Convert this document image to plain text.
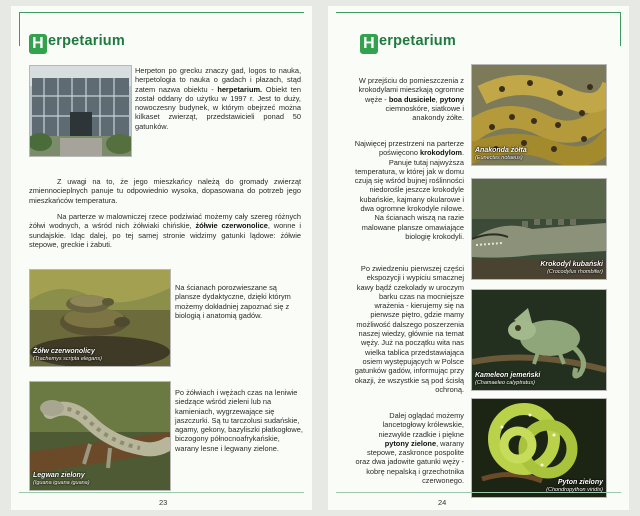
H erpetarium
Herpeton po grecku znaczy gad, logos to nauka, herpetologia to nauka o gadach i płazach, stąd zatem nazwa obiektu - herpetarium. Obiekt ten został oddany do użytku w 1997 r. Jest to duży, nowoczesny budynek, w którym obejrzeć można kilkaset zwierząt, przedstawicieli ponad 50 gatunków.
Z uwagi na to, że jego mieszkańcy należą do gromady zwierząt zmiennocieplnych panuje tu odpowiednio wysoka, dopasowana do potrzeb jego mieszkańców temperatura.
Na parterze w malowniczej rzece podziwiać możemy cały szereg różnych żółwi wodnych, a wśród nich żółwiaki chińskie, żółwie czerwonolice, wonne i sundajskie. Idąc dalej, po tej samej stronie widzimy gatunki lądowe: żółwie stepowe, greckie i żabuti.
Żółw czerwonolicy
(Trachemys scripta elegans)
Na ścianach porozwieszane są plansze dydaktyczne, dzięki którym możemy dokładniej zapoznać się z biologią i anatomią gadów.
Legwan zielony
(Iguana iguana iguana)
Po żółwiach i wężach czas na leniwie siedzące wśród zieleni lub na kamieniach, wygrzewające się jaszczurki. Są tu tarczolusi sudańskie, agamy, gekony, bazyliszki płatkogłowe, biczogony północnoafrykańskie, warany lesne i legwany zielone.
23
H erpetarium
W przejściu do pomieszczenia z krokodylami mieszkają ogromne węże - boa dusiciele, pytony ciemnoskóre, siatkowe i anakondy żółte.
Najwięcej przestrzeni na parterze poświęcono krokodylom. Panuje tutaj najwyższa temperatura, w której jak w domu czują się wśród bujnej roślinności niedorośle jeszcze krokodyle kubańskie, kajmany okularowe i dwa ogromne krokodyle nilowe. Na ścianach wiszą na razie malowane plansze omawiające biologię krokodyli.
Po zwiedzeniu pierwszej części ekspozycji i wypiciu smacznej kawy bądź czekolady w uroczym barku czas na mocniejsze wrażenia - kierujemy się na pierwsze piętro, gdzie mamy możliwość dalszego poszerzenia naszej wiedzy, głównie na temat węży. Już na początku wita nas wielka tablica przedstawiająca osiem występujących w Polsce gatunków gadów, informując przy okazji, że wszystkie są pod ścisłą ochroną.
Dalej oglądać możemy lancetogłowy królewskie, niezwykle rzadkie i piękne pytony zielone, warany stepowe, zaskronce pospolite oraz dwa jadowite gatunki węży - kobrę nepalską i grzechotnika czerwonego.
Anakonda żółta
(Eunectes notaeus)
Krokodyl kubański
(Crocodylus rhombifer)
Kameleon jemeński
(Chamaeleo calyptratus)
Pyton zielony
(Chondropython viridis)
24
